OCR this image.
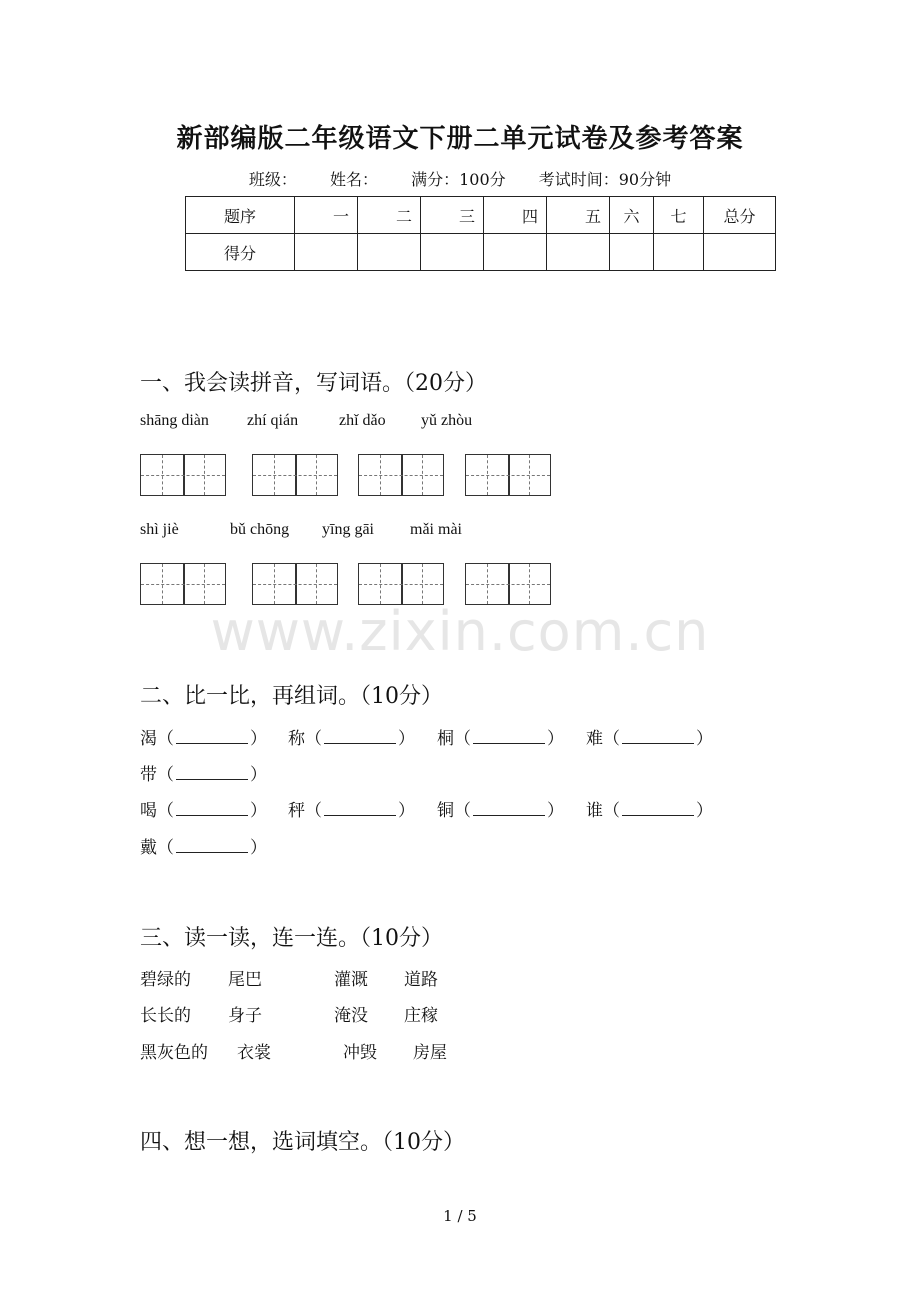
新部编版二年级语文下册二单元试卷及参考答案
班级： 姓名： 满分：100分 考试时间：90分钟
题序	一	二	三	四	五	六	七	总分
得分								
一、我会读拼音，写词语。（20分）
shāng diàn zhí qián	zhǐ dǎo yǔ zhòu
shì jiè	bǔ chōng yīng gāi mǎi mài
www.zixin.com.cn
二、比一比，再组词。（10分）
渴（	） 称（	） 桐（	） 难（	）
带（	）
喝（	） 秤（	） 铜（	） 谁（	）
戴（	）
三、读一读，连一连。（10分）
碧绿的 尾巴	灌溉 道路
长长的 身子	淹没 庄稼
黑灰色的 衣裳	冲毁 房屋
四、想一想，选词填空。（10分）
1 / 5
